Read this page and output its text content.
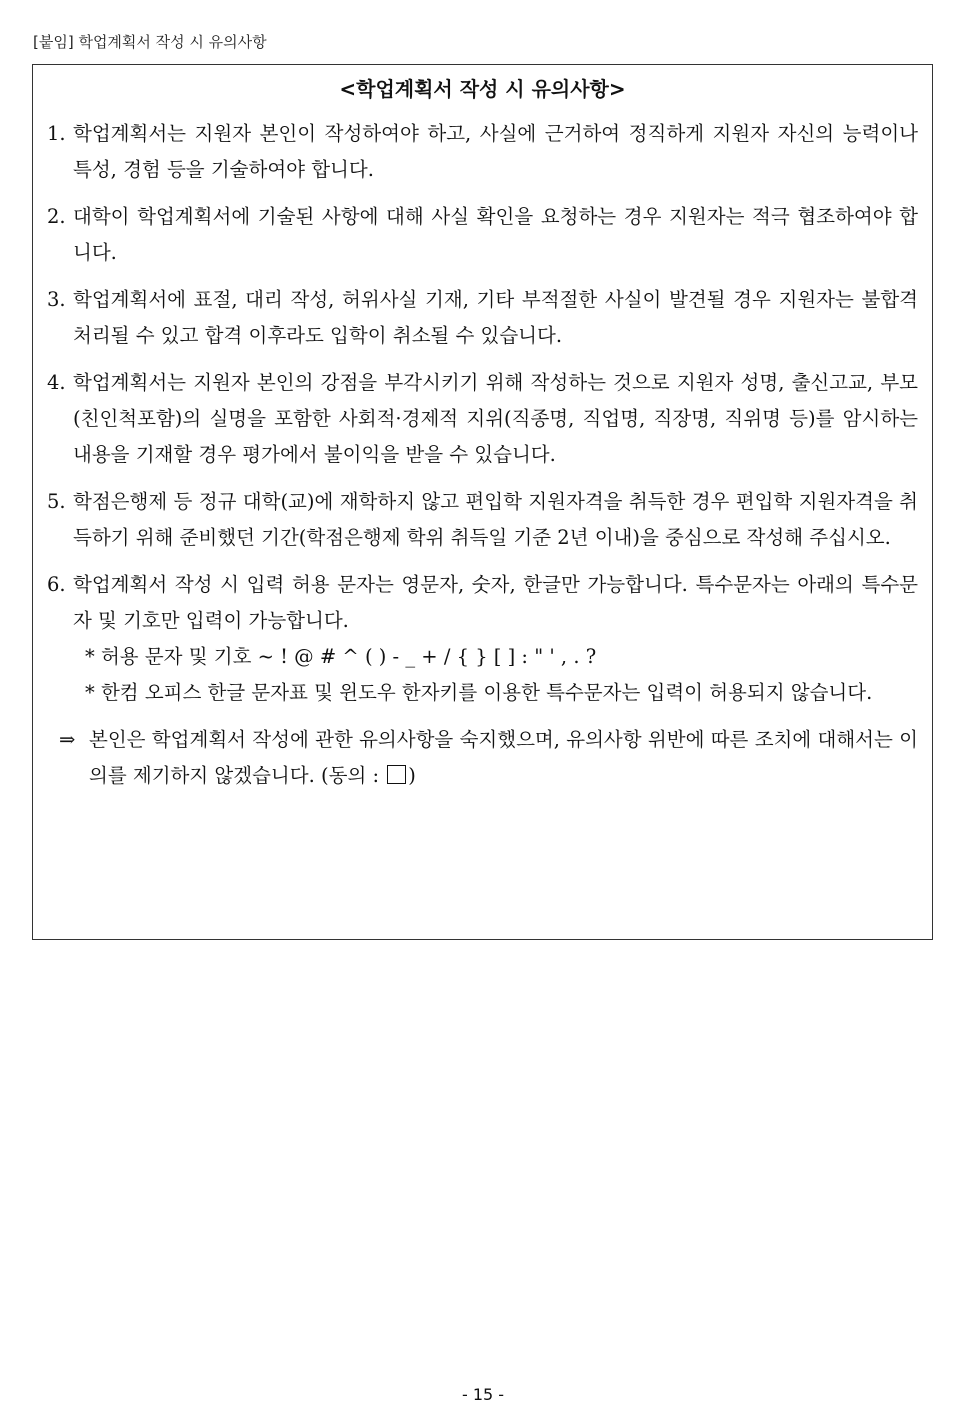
[붙임] 학업계획서 작성 시 유의사항
<학업계획서 작성 시 유의사항>
1. 학업계획서는 지원자 본인이 작성하여야 하고, 사실에 근거하여 정직하게 지원자 자신의 능력이나 특성, 경험 등을 기술하여야 합니다.
2. 대학이 학업계획서에 기술된 사항에 대해 사실 확인을 요청하는 경우 지원자는 적극 협조하여야 합니다.
3. 학업계획서에 표절, 대리 작성, 허위사실 기재, 기타 부적절한 사실이 발견될 경우 지원자는 불합격 처리될 수 있고 합격 이후라도 입학이 취소될 수 있습니다.
4. 학업계획서는 지원자 본인의 강점을 부각시키기 위해 작성하는 것으로 지원자 성명, 출신고교, 부모(친인척포함)의 실명을 포함한 사회적·경제적 지위(직종명, 직업명, 직장명, 직위명 등)를 암시하는 내용을 기재할 경우 평가에서 불이익을 받을 수 있습니다.
5. 학점은행제 등 정규 대학(교)에 재학하지 않고 편입학 지원자격을 취득한 경우 편입학 지원자격을 취득하기 위해 준비했던 기간(학점은행제 학위 취득일 기준 2년 이내)을 중심으로 작성해 주십시오.
6. 학업계획서 작성 시 입력 허용 문자는 영문자, 숫자, 한글만 가능합니다. 특수문자는 아래의 특수문자 및 기호만 입력이 가능합니다.
* 허용 문자 및 기호 ~ ! @ # ^ ( ) - _ + / { } [ ] : " ' , . ?
* 한컴 오피스 한글 문자표 및 윈도우 한자키를 이용한 특수문자는 입력이 허용되지 않습니다.
⇒ 본인은 학업계획서 작성에 관한 유의사항을 숙지했으며, 유의사항 위반에 따른 조치에 대해서는 이의를 제기하지 않겠습니다. (동의 : )
- 15 -
